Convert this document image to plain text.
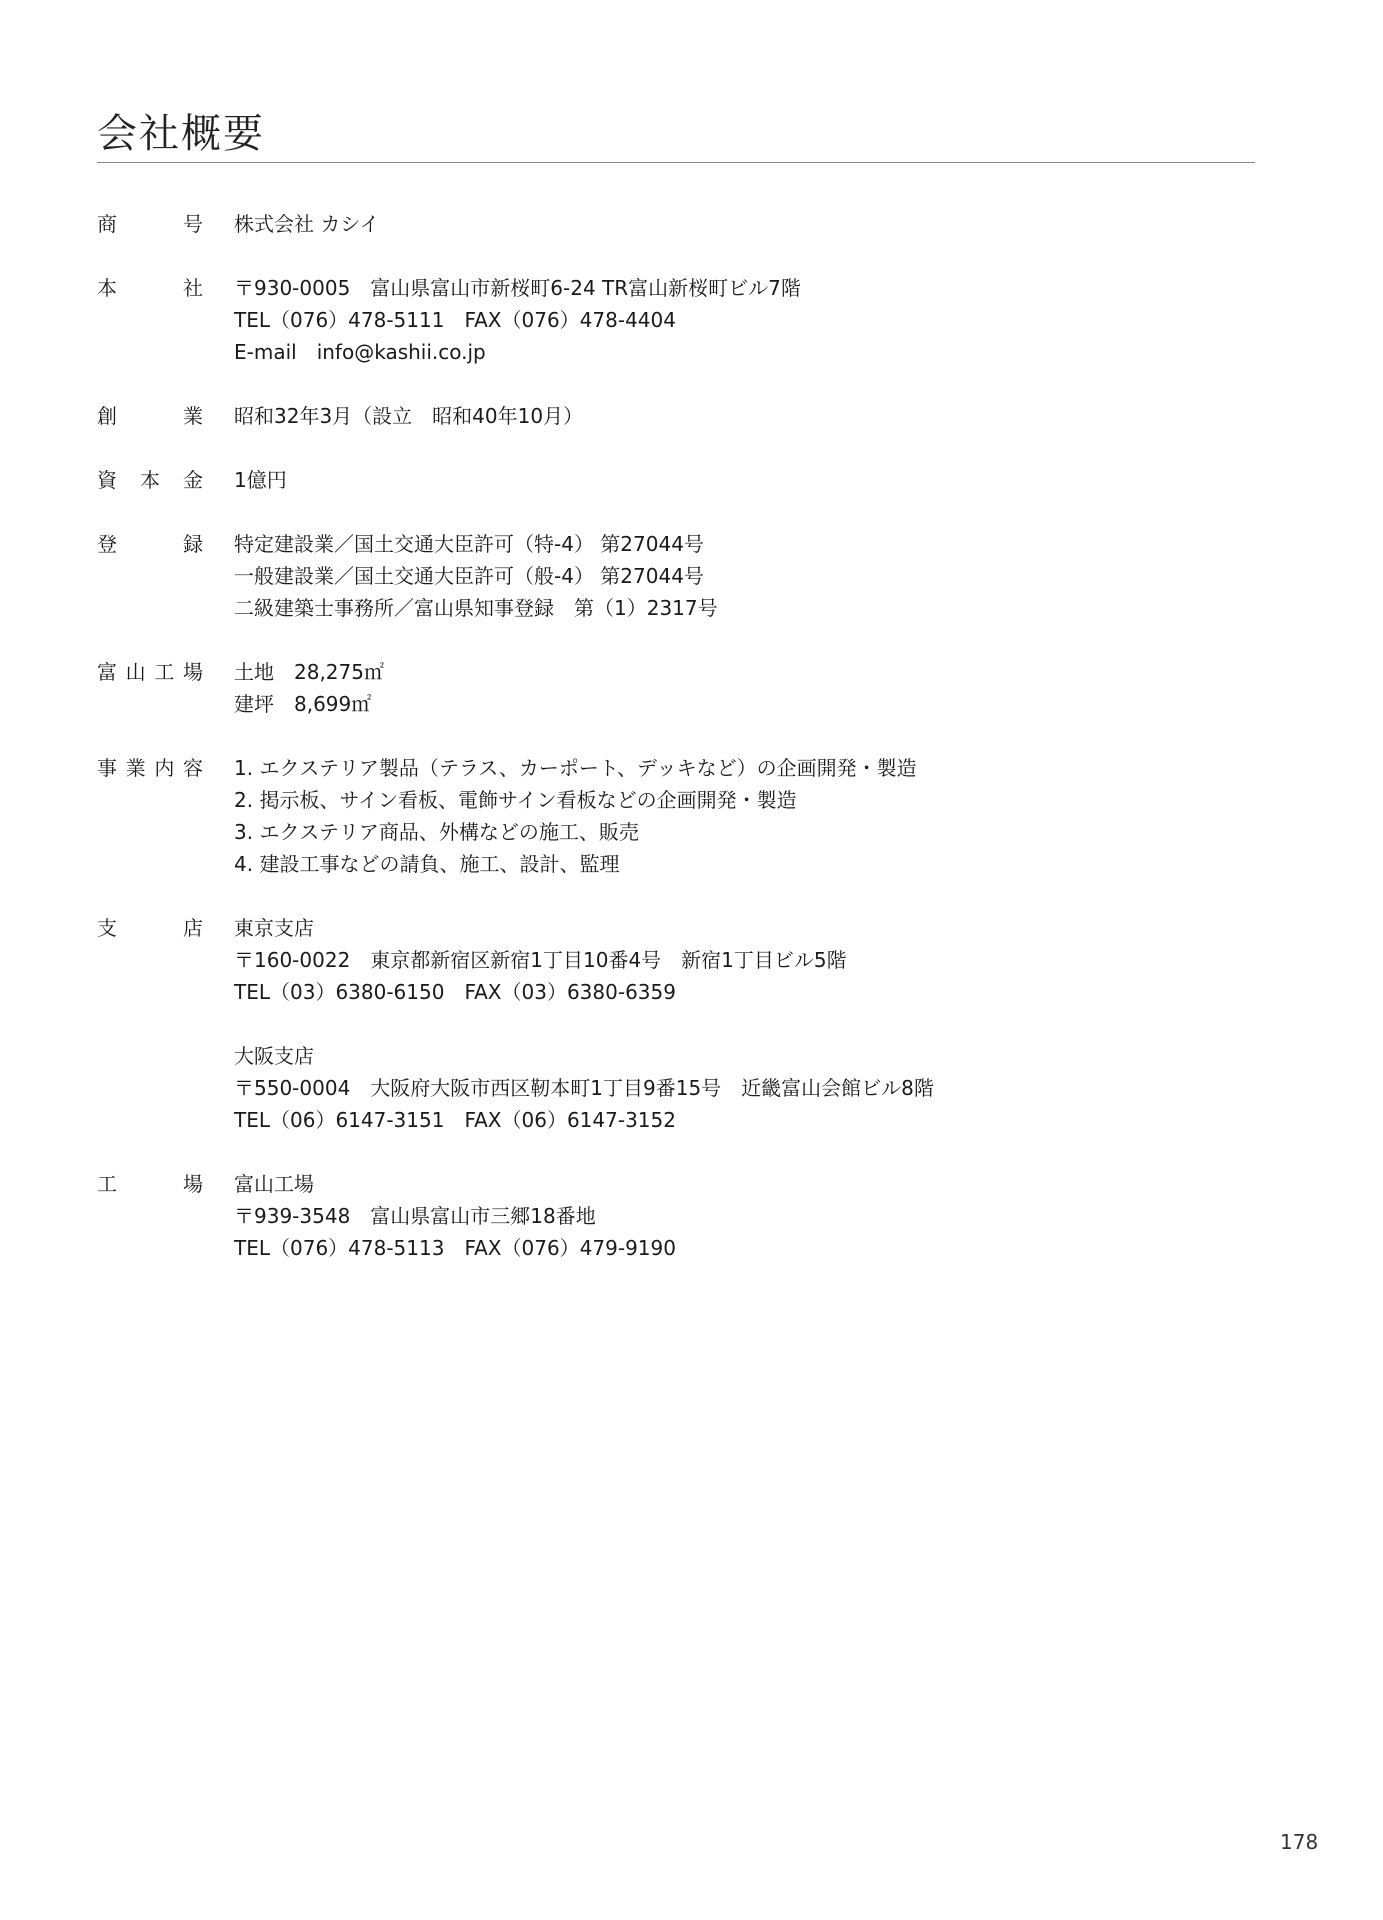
会社概要
商	号 株式会社 カシイ
本	社 〒930-0005　富山県富山市新桜町6-24 TR富山新桜町ビル7階
TEL（076）478-5111　FAX（076）478-4404
E-mail　info@kashii.co.jp
創	業 昭和32年3月（設立　昭和40年10月）
資 本 金 1億円
登	録 特定建設業／国土交通大臣許可（特-4） 第27044号
一般建設業／国土交通大臣許可（般-4） 第27044号
二級建築士事務所／富山県知事登録　第（1）2317号
富 山 工 場 土地　28,275㎡
建坪　8,699㎡
事 業 内 容 1. エクステリア製品（テラス、カーポート、デッキなど）の企画開発・製造
2. 掲示板、サイン看板、電飾サイン看板などの企画開発・製造
3. エクステリア商品、外構などの施工、販売
4. 建設工事などの請負、施工、設計、監理
支	店 東京支店
〒160-0022　東京都新宿区新宿1丁目10番4号　新宿1丁目ビル5階
TEL（03）6380-6150　FAX（03）6380-6359
大阪支店
〒550-0004　大阪府大阪市西区靭本町1丁目9番15号　近畿富山会館ビル8階
TEL（06）6147-3151　FAX（06）6147-3152
工	場 富山工場
〒939-3548　富山県富山市三郷18番地
TEL（076）478-5113　FAX（076）479-9190
178
